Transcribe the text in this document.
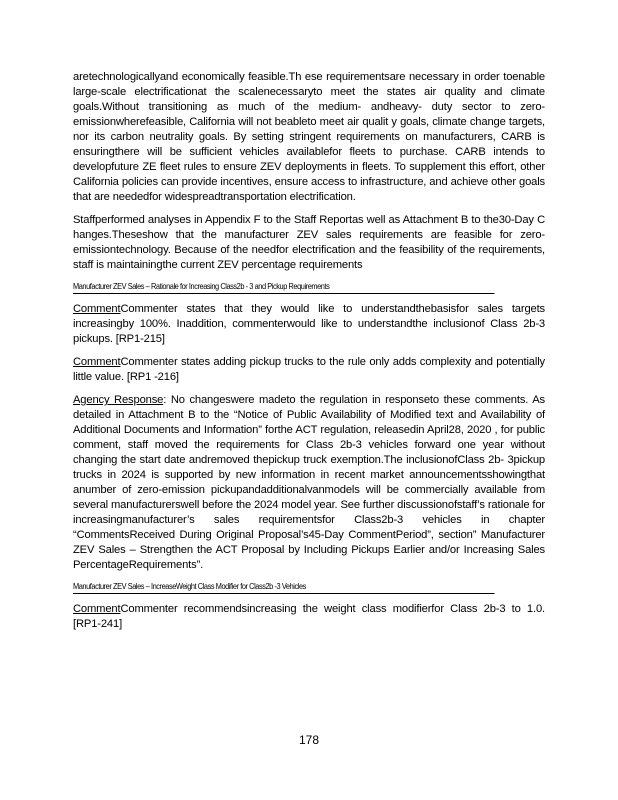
aretechnologicallyand economically feasible.Th ese requirementsare necessary in order toenable large-scale electrificationat the scalenecessaryto meet the states air quality and climate goals.Without transitioning as much of the medium- andheavy- duty sector to zero-emissionwherefeasible, California will not beableto meet air qualit y goals, climate change targets, nor its carbon neutrality goals. By setting stringent requirements on manufacturers, CARB is ensuringthere will be sufficient vehicles availablefor fleets to purchase. CARB intends to developfuture ZE fleet rules to ensure ZEV deployments in fleets. To supplement this effort, other California policies can provide incentives, ensure access to infrastructure, and achieve other goals that are neededfor widespreadtransportation electrification.

Staffperformed analyses in Appendix F to the Staff Reportas well as Attachment B to the30-Day C hanges.Theseshow that the manufacturer ZEV sales requirements are feasible for zero-emissiontechnology. Because of the needfor electrification and the feasibility of the requirements, staff is maintainingthe current ZEV percentage requirements

Manufacturer ZEV Sales – Rationale for Increasing Class2b - 3 and Pickup Requirements

CommentCommenter states that they would like to understandthebasisfor sales targets increasingby 100%. Inaddition, commenterwould like to understandthe inclusionof Class 2b-3 pickups. [RP1-215]

CommentCommenter states adding pickup trucks to the rule only adds complexity and potentially little value. [RP1 -216]

Agency Response: No changeswere madeto the regulation in responseto these comments. As detailed in Attachment B to the “Notice of Public Availability of Modified text and Availability of Additional Documents and Information” forthe ACT regulation, releasedin April28, 2020 , for public comment, staff moved the requirements for Class 2b-3 vehicles forward one year without changing the start date andremoved thepickup truck exemption.The inclusionofClass 2b- 3pickup trucks in 2024 is supported by new information in recent market announcementsshowingthat anumber of zero-emission pickupandadditionalvanmodels will be commercially available from several manufacturerswell before the 2024 model year. See further discussionofstaff’s rationale for increasingmanufacturer’s sales requirementsfor Class2b-3 vehicles in chapter “CommentsReceived During Original Proposal’s45-Day CommentPeriod”, section” Manufacturer ZEV Sales – Strengthen the ACT Proposal by Including Pickups Earlier and/or Increasing Sales PercentageRequirements”.

Manufacturer ZEV Sales – IncreaseWeight Class Modifier for Class2b -3 Vehicles

CommentCommenter recommendsincreasing the weight class modifierfor Class 2b-3 to 1.0. [RP1-241]

178
